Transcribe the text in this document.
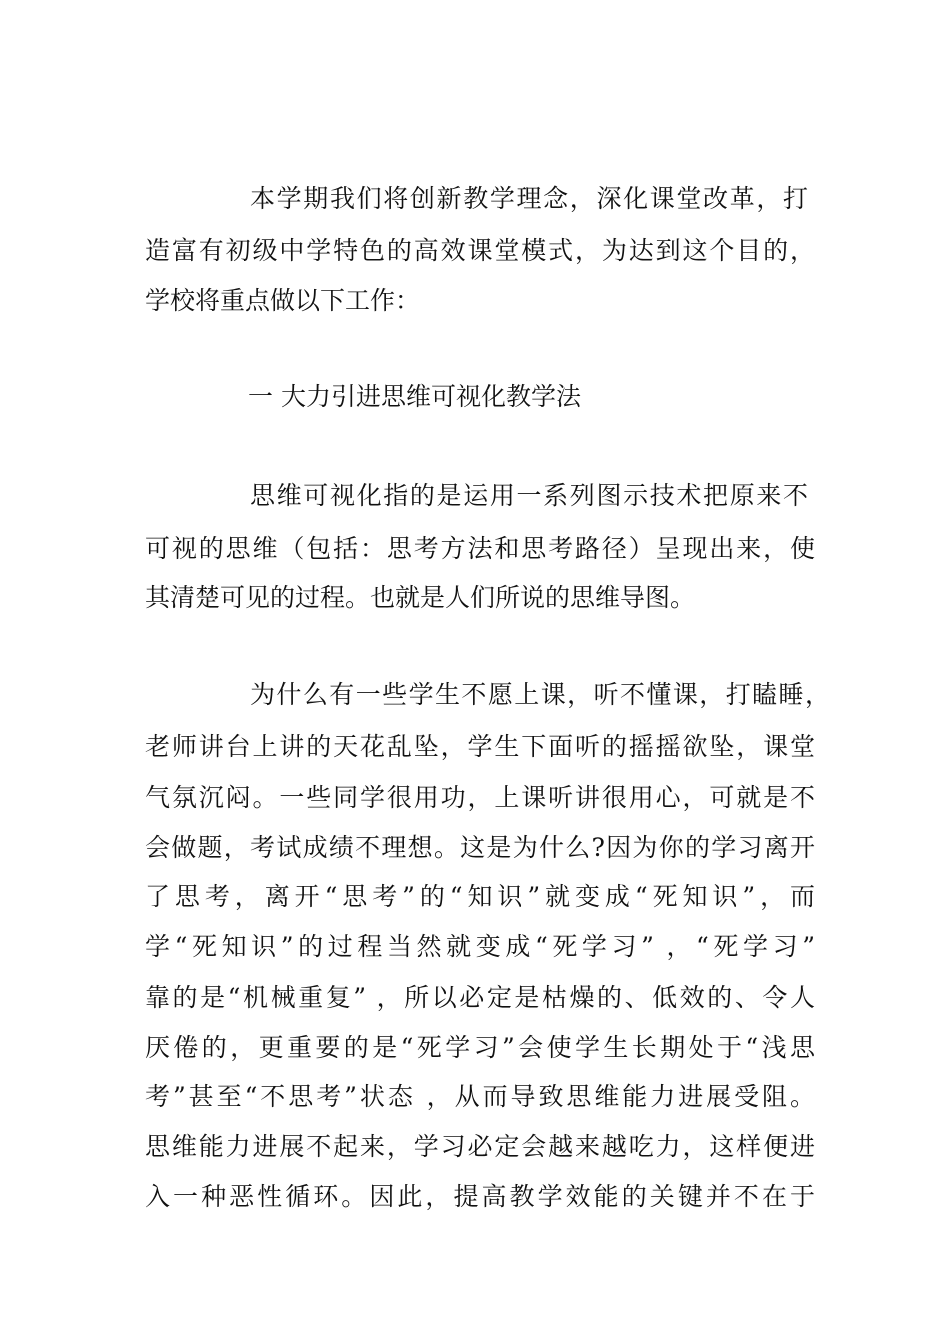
本学期我们将创新教学理念，深化课堂改革，打
造富有初级中学特色的高效课堂模式，为达到这个目的，
学校将重点做以下工作：
一 大力引进思维可视化教学法
思维可视化指的是运用一系列图示技术把原来不
可视的思维（包括：思考方法和思考路径）呈现出来，使
其清楚可见的过程。也就是人们所说的思维导图。
为什么有一些学生不愿上课，听不懂课，打瞌睡，
老师讲台上讲的天花乱坠，学生下面听的摇摇欲坠，课堂
气氛沉闷。一些同学很用功，上课听讲很用心，可就是不
会做题，考试成绩不理想。这是为什么?因为你的学习离开
了思考，离开“思考”的“知识”就变成“死知识”，而
学“死知识”的过程当然就变成“死学习” ，“死学习”
靠的是“机械重复” ，所以必定是枯燥的、低效的、令人
厌倦的，更重要的是“死学习”会使学生长期处于“浅思
考”甚至“不思考”状态 ，从而导致思维能力进展受阻。
思维能力进展不起来，学习必定会越来越吃力，这样便进
入一种恶性循环。因此，提高教学效能的关键并不在于
